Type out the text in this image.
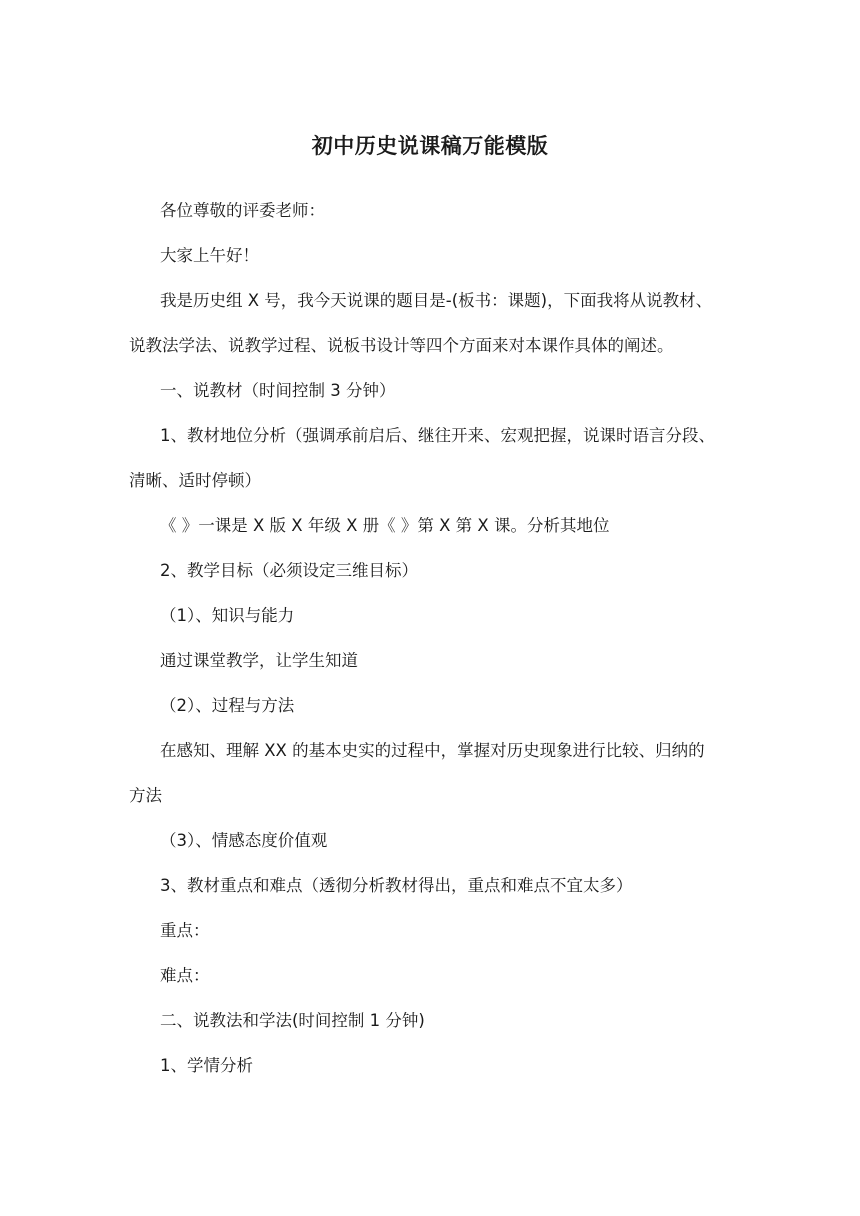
初中历史说课稿万能模版
各位尊敬的评委老师：
大家上午好！
我是历史组 X 号，我今天说课的题目是-(板书：课题)，下面我将从说教材、
说教法学法、说教学过程、说板书设计等四个方面来对本课作具体的阐述。
一、说教材（时间控制 3 分钟）
1、教材地位分析（强调承前启后、继往开来、宏观把握，说课时语言分段、
清晰、适时停顿）
《 》一课是 X 版 X 年级 X 册《 》第 X 第 X 课。分析其地位
2、教学目标（必须设定三维目标）
（1）、知识与能力
通过课堂教学，让学生知道
（2）、过程与方法
在感知、理解 XX 的基本史实的过程中，掌握对历史现象进行比较、归纳的
方法
（3）、情感态度价值观
3、教材重点和难点（透彻分析教材得出，重点和难点不宜太多）
重点：
难点：
二、说教法和学法(时间控制 1 分钟)
1、学情分析
